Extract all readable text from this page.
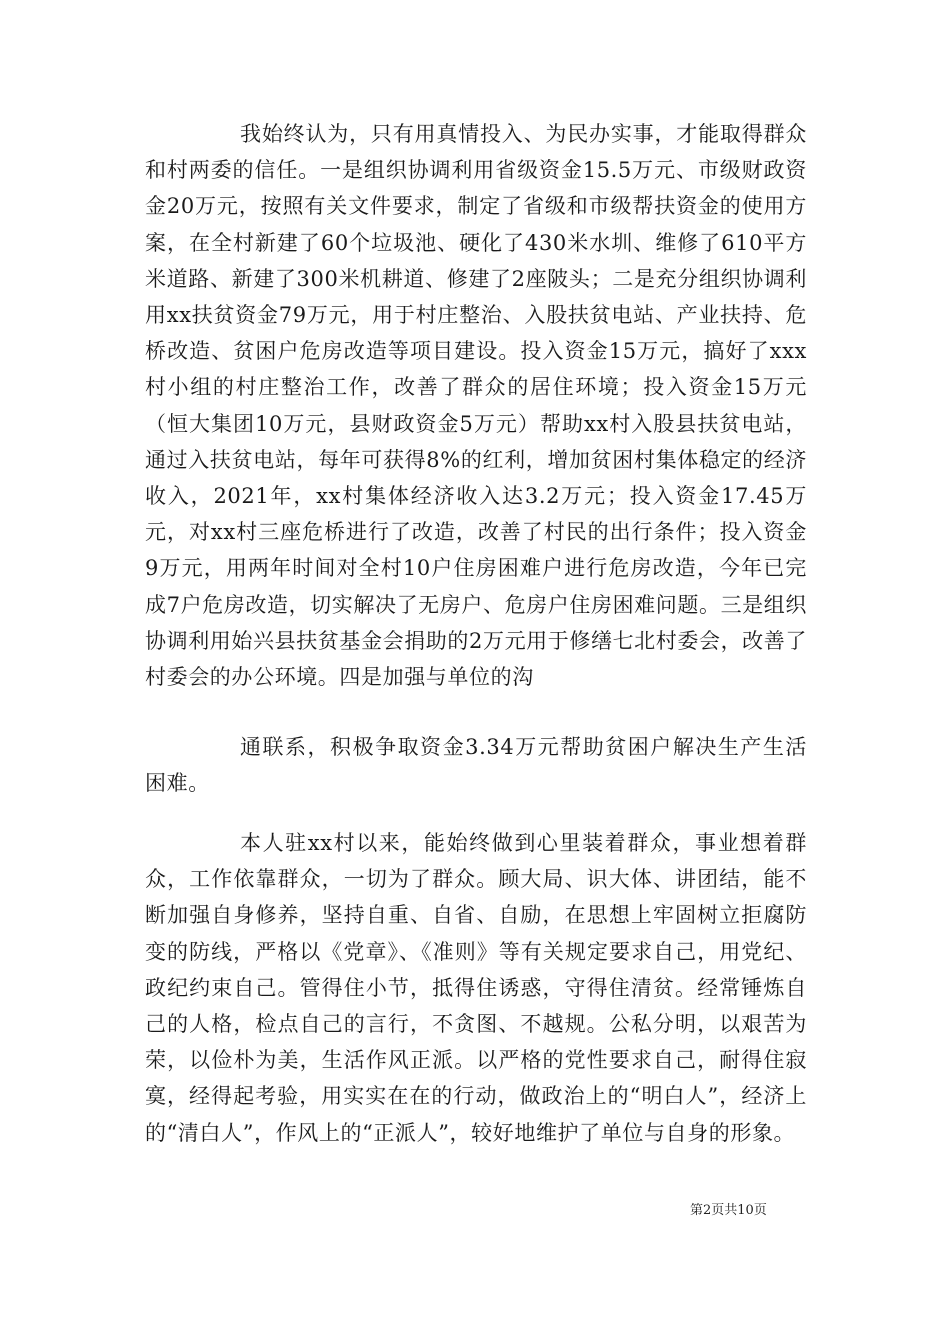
我始终认为，只有用真情投入、为民办实事，才能取得群众和村两委的信任。一是组织协调利用省级资金15.5万元、市级财政资金20万元，按照有关文件要求，制定了省级和市级帮扶资金的使用方案，在全村新建了60个垃圾池、硬化了430米水圳、维修了610平方米道路、新建了300米机耕道、修建了2座陂头；二是充分组织协调利用xx扶贫资金79万元，用于村庄整治、入股扶贫电站、产业扶持、危桥改造、贫困户危房改造等项目建设。投入资金15万元，搞好了xxx村小组的村庄整治工作，改善了群众的居住环境；投入资金15万元（恒大集团10万元，县财政资金5万元）帮助xx村入股县扶贫电站，通过入扶贫电站，每年可获得8%的红利，增加贫困村集体稳定的经济收入，2021年，xx村集体经济收入达3.2万元；投入资金17.45万元，对xx村三座危桥进行了改造，改善了村民的出行条件；投入资金9万元，用两年时间对全村10户住房困难户进行危房改造，今年已完成7户危房改造，切实解决了无房户、危房户住房困难问题。三是组织协调利用始兴县扶贫基金会捐助的2万元用于修缮七北村委会，改善了村委会的办公环境。四是加强与单位的沟
通联系，积极争取资金3.34万元帮助贫困户解决生产生活困难。
本人驻xx村以来，能始终做到心里装着群众，事业想着群众，工作依靠群众，一切为了群众。顾大局、识大体、讲团结，能不断加强自身修养，坚持自重、自省、自励，在思想上牢固树立拒腐防变的防线，严格以《党章》、《准则》等有关规定要求自己，用党纪、政纪约束自己。管得住小节，抵得住诱惑，守得住清贫。经常锤炼自己的人格，检点自己的言行，不贪图、不越规。公私分明，以艰苦为荣，以俭朴为美，生活作风正派。以严格的党性要求自己，耐得住寂寞，经得起考验，用实实在在的行动，做政治上的“明白人”，经济上的“清白人”，作风上的“正派人”，较好地维护了单位与自身的形象。
第2页共10页
